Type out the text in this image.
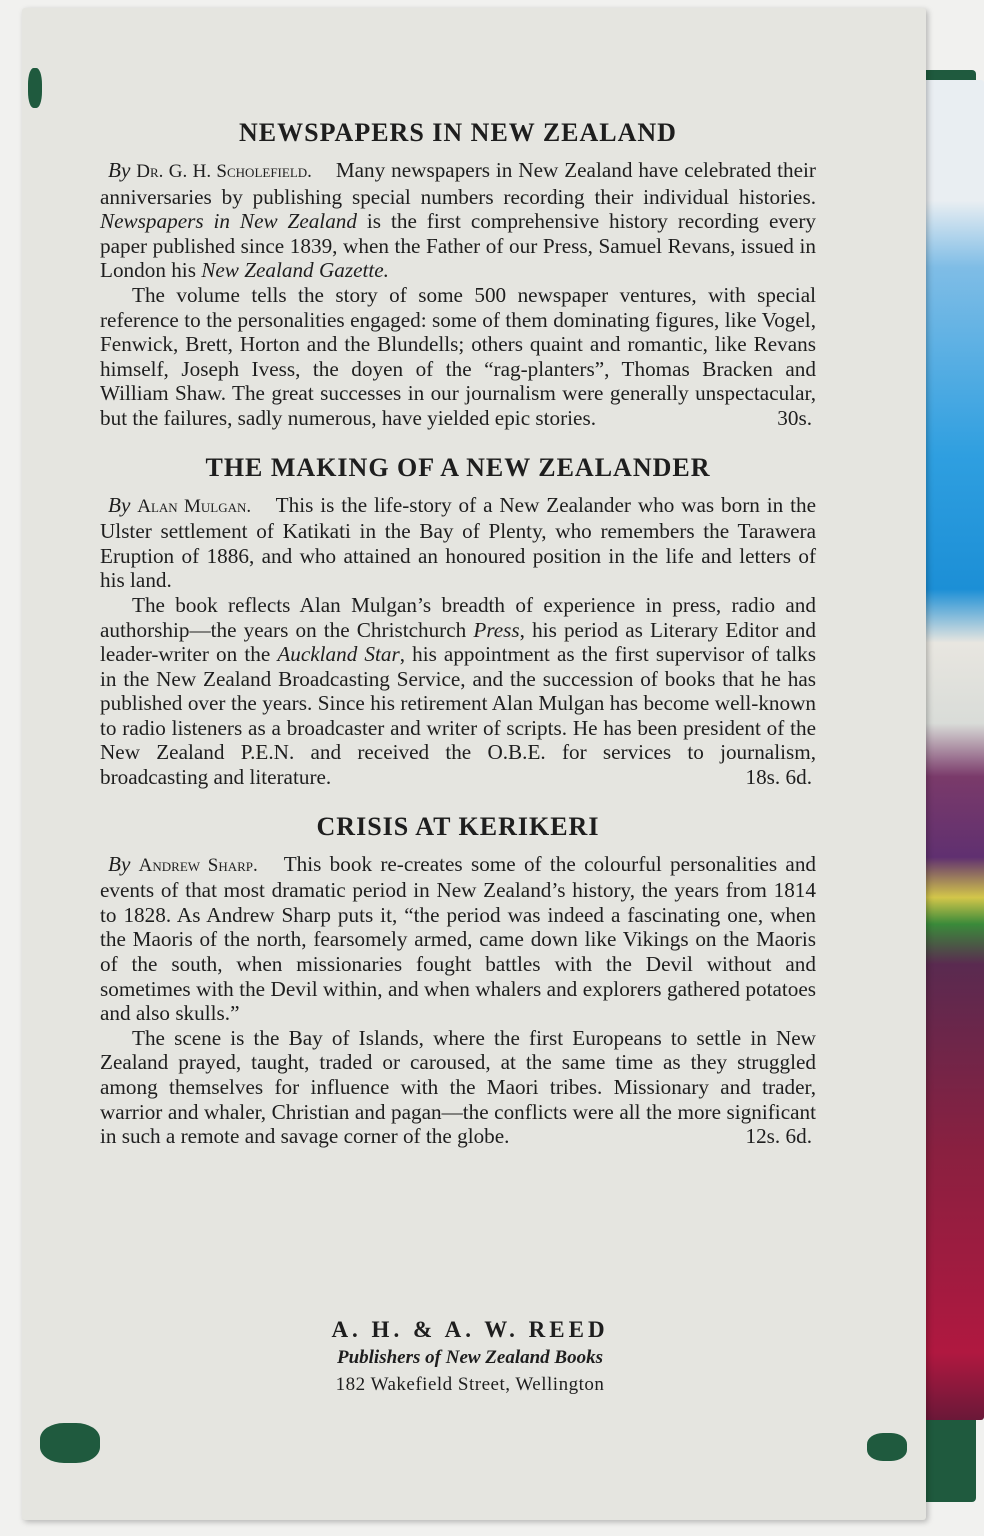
NEWSPAPERS IN NEW ZEALAND

By Dr. G. H. Scholefield. Many newspapers in New Zealand have celebrated their anniversaries by publishing special numbers recording their individual histories. Newspapers in New Zealand is the first comprehensive history recording every paper published since 1839, when the Father of our Press, Samuel Revans, issued in London his New Zealand Gazette.

The volume tells the story of some 500 newspaper ventures, with special reference to the personalities engaged: some of them dominating figures, like Vogel, Fenwick, Brett, Horton and the Blundells; others quaint and romantic, like Revans himself, Joseph Ivess, the doyen of the “rag-planters”, Thomas Bracken and William Shaw. The great successes in our journalism were generally unspectacular, but the failures, sadly numerous, have yielded epic stories.	30s.

THE MAKING OF A NEW ZEALANDER

By Alan Mulgan. This is the life-story of a New Zealander who was born in the Ulster settlement of Katikati in the Bay of Plenty, who remembers the Tarawera Eruption of 1886, and who attained an honoured position in the life and letters of his land.

The book reflects Alan Mulgan’s breadth of experience in press, radio and authorship—the years on the Christchurch Press, his period as Literary Editor and leader-writer on the Auckland Star, his appointment as the first supervisor of talks in the New Zealand Broadcasting Service, and the succession of books that he has published over the years. Since his retirement Alan Mulgan has become well-known to radio listeners as a broadcaster and writer of scripts. He has been president of the New Zealand P.E.N. and received the O.B.E. for services to journalism, broadcasting and literature.	18s. 6d.

CRISIS AT KERIKERI

By Andrew Sharp. This book re-creates some of the colourful personalities and events of that most dramatic period in New Zealand’s history, the years from 1814 to 1828. As Andrew Sharp puts it, “the period was indeed a fascinating one, when the Maoris of the north, fearsomely armed, came down like Vikings on the Maoris of the south, when missionaries fought battles with the Devil without and sometimes with the Devil within, and when whalers and explorers gathered potatoes and also skulls.”

The scene is the Bay of Islands, where the first Europeans to settle in New Zealand prayed, taught, traded or caroused, at the same time as they struggled among themselves for influence with the Maori tribes. Missionary and trader, warrior and whaler, Christian and pagan—the conflicts were all the more significant in such a remote and savage corner of the globe.	12s. 6d.

A. H. & A. W. REED
Publishers of New Zealand Books
182 Wakefield Street, Wellington
